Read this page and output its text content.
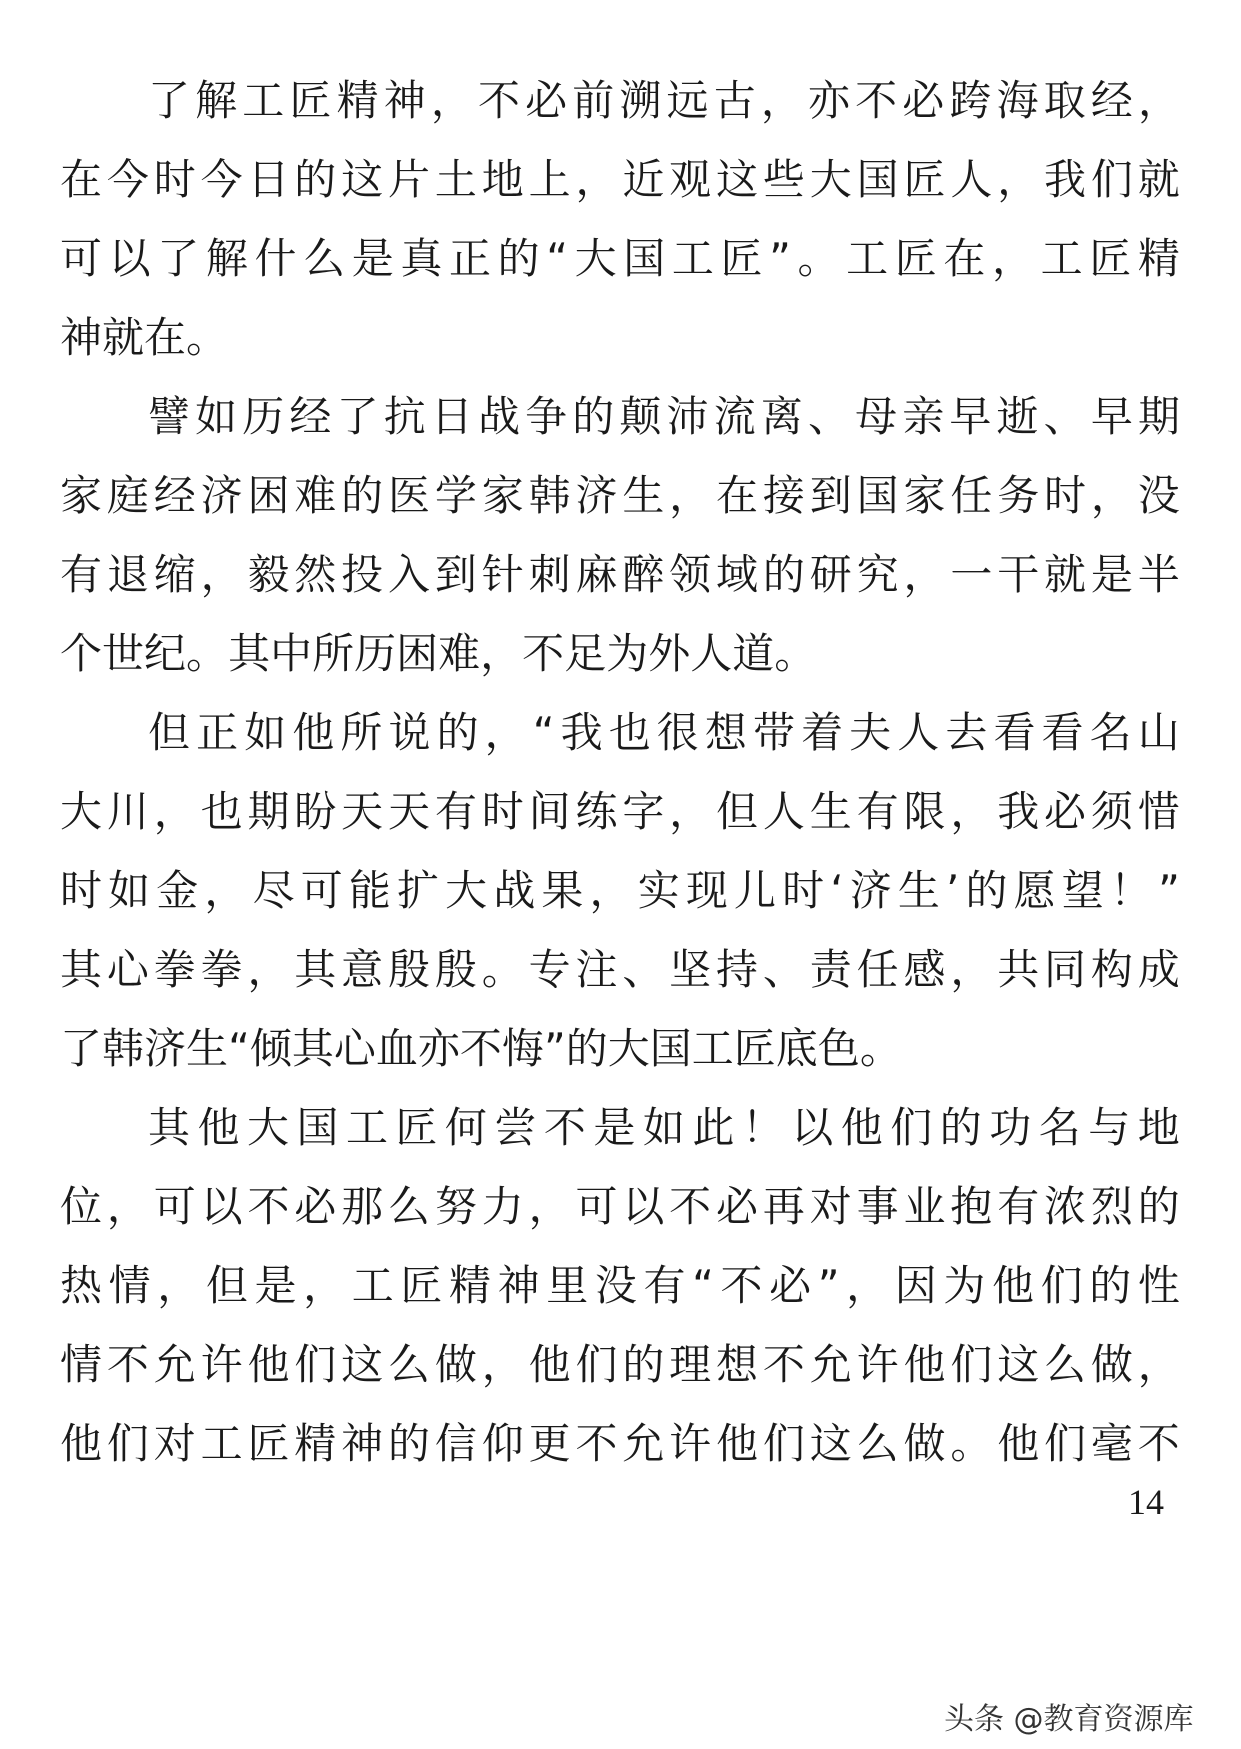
了 解 工 匠 精 神 ， 不 必 前 溯 远 古 ， 亦 不 必 跨 海 取 经 ，
在 今 时 今 日 的 这 片 土 地 上 ， 近 观 这 些 大 国 匠 人 ， 我 们 就
可 以 了 解 什 么 是 真 正 的 “ 大 国 工 匠 ” 。 工 匠 在 ， 工 匠 精
神 就 在 。
譬 如 历 经 了 抗 日 战 争 的 颠 沛 流 离 、 母 亲 早 逝 、 早 期
家 庭 经 济 困 难 的 医 学 家 韩 济 生 ， 在 接 到 国 家 任 务 时 ， 没
有 退 缩 ， 毅 然 投 入 到 针 刺 麻 醉 领 域 的 研 究 ， 一 干 就 是 半
个 世 纪 。 其 中 所 历 困 难 ， 不 足 为 外 人 道 。
但 正 如 他 所 说 的 ， “ 我 也 很 想 带 着 夫 人 去 看 看 名 山
大 川 ， 也 期 盼 天 天 有 时 间 练 字 ， 但 人 生 有 限 ， 我 必 须 惜
时 如 金 ， 尽 可 能 扩 大 战 果 ， 实 现 儿 时 ‘ 济 生 ’ 的 愿 望 ！ ”
其 心 拳 拳 ， 其 意 殷 殷 。 专 注 、 坚 持 、 责 任 感 ， 共 同 构 成
了 韩 济 生 “ 倾 其 心 血 亦 不 悔 ” 的 大 国 工 匠 底 色 。
其 他 大 国 工 匠 何 尝 不 是 如 此 ！ 以 他 们 的 功 名 与 地
位 ， 可 以 不 必 那 么 努 力 ， 可 以 不 必 再 对 事 业 抱 有 浓 烈 的
热 情 ， 但 是 ， 工 匠 精 神 里 没 有 “ 不 必 ” ， 因 为 他 们 的 性
情 不 允 许 他 们 这 么 做 ， 他 们 的 理 想 不 允 许 他 们 这 么 做 ，
他 们 对 工 匠 精 神 的 信 仰 更 不 允 许 他 们 这 么 做 。 他 们 毫 不
14
头条 @教育资源库
